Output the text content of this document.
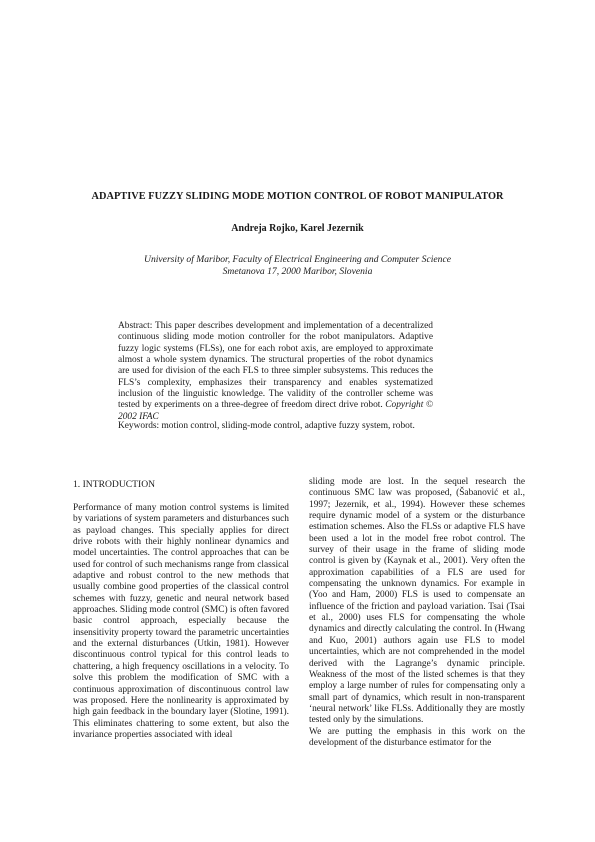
ADAPTIVE FUZZY SLIDING MODE MOTION CONTROL OF ROBOT MANIPULATOR
Andreja Rojko, Karel Jezernik
University of Maribor, Faculty of Electrical Engineering and Computer Science
Smetanova 17, 2000 Maribor, Slovenia

Abstract: This paper describes development and implementation of a decentralized continuous sliding mode motion controller for the robot manipulators. Adaptive fuzzy logic systems (FLSs), one for each robot axis, are employed to approximate almost a whole system dynamics. The structural properties of the robot dynamics are used for division of the each FLS to three simpler subsystems. This reduces the FLS’s complexity, emphasizes their transparency and enables systematized inclusion of the linguistic knowledge. The validity of the controller scheme was tested by experiments on a three-degree of freedom direct drive robot. Copyright © 2002 IFAC

Keywords: motion control, sliding-mode control, adaptive fuzzy system, robot.

1. INTRODUCTION

Performance of many motion control systems is limited by variations of system parameters and disturbances such as payload changes. This specially applies for direct drive robots with their highly nonlinear dynamics and model uncertainties. The control approaches that can be used for control of such mechanisms range from classical adaptive and robust control to the new methods that usually combine good properties of the classical control schemes with fuzzy, genetic and neural network based approaches. Sliding mode control (SMC) is often favored basic control approach, especially because the insensitivity property toward the parametric uncertainties and the external disturbances (Utkin, 1981). However discontinuous control typical for this control leads to chattering, a high frequency oscillations in a velocity. To solve this problem the modification of SMC with a continuous approximation of discontinuous control law was proposed. Here the nonlinearity is approximated by high gain feedback in the boundary layer (Slotine, 1991). This eliminates chattering to some extent, but also the invariance properties associated with ideal

sliding mode are lost. In the sequel research the continuous SMC law was proposed, (Šabanović et al., 1997; Jezernik, et al., 1994). However these schemes require dynamic model of a system or the disturbance estimation schemes. Also the FLSs or adaptive FLS have been used a lot in the model free robot control. The survey of their usage in the frame of sliding mode control is given by (Kaynak et al., 2001). Very often the approximation capabilities of a FLS are used for compensating the unknown dynamics. For example in (Yoo and Ham, 2000) FLS is used to compensate an influence of the friction and payload variation. Tsai (Tsai et al., 2000) uses FLS for compensating the whole dynamics and directly calculating the control. In (Hwang and Kuo, 2001) authors again use FLS to model uncertainties, which are not comprehended in the model derived with the Lagrange’s dynamic principle. Weakness of the most of the listed schemes is that they employ a large number of rules for compensating only a small part of dynamics, which result in non-transparent ‘neural network’ like FLSs. Additionally they are mostly tested only by the simulations.

We are putting the emphasis in this work on the development of the disturbance estimator for the
